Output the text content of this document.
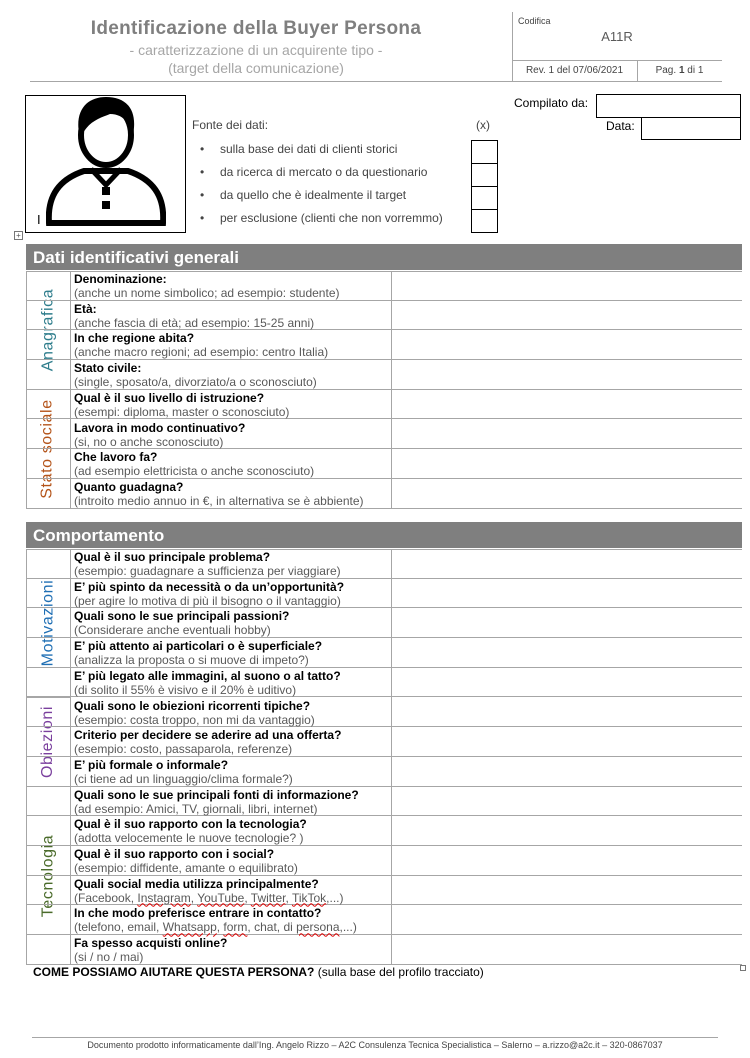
Identificazione della Buyer Persona
- caratterizzazione di un acquirente tipo -
(target della comunicazione)
Codifica
A11R
Rev. 1 del 07/06/2021	Pag. 1 di 1
I
+
Fonte dei dati:	(x)
• sulla base dei dati di clienti storici
• da ricerca di mercato o da questionario
• da quello che è idealmente il target
• per esclusione (clienti che non vorremmo)
Compilato da:
Data:
Dati identificativi generali
Anagrafica
Denominazione:
(anche un nome simbolico; ad esempio: studente)
Età:
(anche fascia di età; ad esempio: 15-25 anni)
In che regione abita?
(anche macro regioni; ad esempio: centro Italia)
Stato civile:
(single, sposato/a, divorziato/a o sconosciuto)
Stato sociale
Qual è il suo livello di istruzione?
(esempi: diploma, master o sconosciuto)
Lavora in modo continuativo?
(si, no o anche sconosciuto)
Che lavoro fa?
(ad esempio elettricista o anche sconosciuto)
Quanto guadagna?
(introito medio annuo in €, in alternativa se è abbiente)
Comportamento
Motivazioni
Qual è il suo principale problema?
(esempio: guadagnare a sufficienza per viaggiare)
E’ più spinto da necessità o da un’opportunità?
(per agire lo motiva di più il bisogno o il vantaggio)
Quali sono le sue principali passioni?
(Considerare anche eventuali hobby)
E’ più attento ai particolari o è superficiale?
(analizza la proposta o si muove di impeto?)
E’ più legato alle immagini, al suono o al tatto?
(di solito il 55% è visivo e il 20% è uditivo)
Obiezioni
Quali sono le obiezioni ricorrenti tipiche?
(esempio: costa troppo, non mi da vantaggio)
Criterio per decidere se aderire ad una offerta?
(esempio: costo, passaparola, referenze)
E’ più formale o informale?
(ci tiene ad un linguaggio/clima formale?)
Tecnologia
Quali sono le sue principali fonti di informazione?
(ad esempio: Amici, TV, giornali, libri, internet)
Qual è il suo rapporto con la tecnologia?
(adotta velocemente le nuove tecnologie? )
Qual è il suo rapporto con i social?
(esempio: diffidente, amante o equilibrato)
Quali social media utilizza principalmente?
(Facebook, Instagram, YouTube, Twitter, TikTok,...)
In che modo preferisce entrare in contatto?
(telefono, email, Whatsapp, form, chat, di persona,...)
Fa spesso acquisti online?
(si / no / mai)
COME POSSIAMO AIUTARE QUESTA PERSONA? (sulla base del profilo tracciato)
Documento prodotto informaticamente dall’Ing. Angelo Rizzo – A2C Consulenza Tecnica Specialistica – Salerno – a.rizzo@a2c.it – 320-0867037
